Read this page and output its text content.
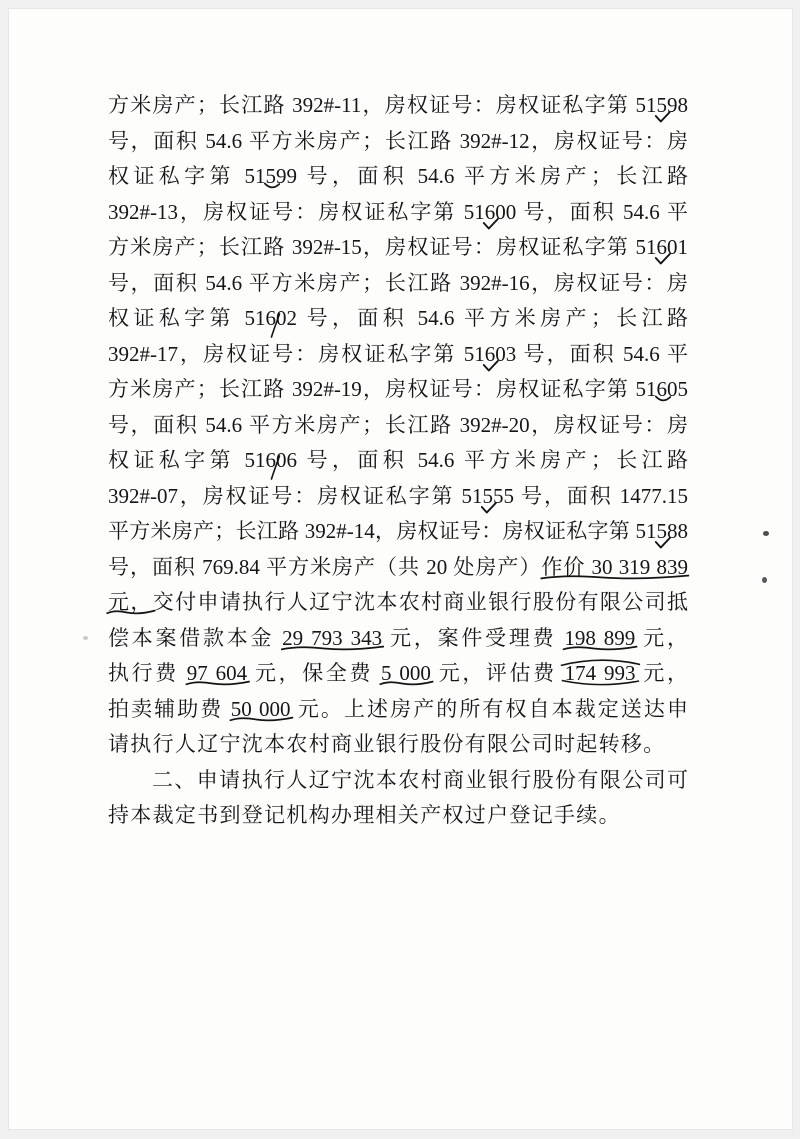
方米房产；长江路 392#-11，房权证号：房权证私字第 51598
号，面积 54.6 平方米房产；长江路 392#-12，房权证号：房
权证私字第 51599
号，面积 54.6 平方米房产；长江路
392#-13，房权证号：房权证私字第 51600
号，面积 54.6 平
方米房产；长江路 392#-15，房权证号：房权证私字第 51601
号，面积 54.6 平方米房产；长江路 392#-16，房权证号：房
权证私字第 51602
号，面积 54.6 平方米房产；长江路
392#-17，房权证号：房权证私字第 51603
号，面积 54.6 平
方米房产；长江路 392#-19，房权证号：房权证私字第 51605
号，面积 54.6 平方米房产；长江路 392#-20，房权证号：房
权证私字第 51606
号，面积 54.6 平方米房产；长江路
392#-07，房权证号：房权证私字第 51555
号，面积 1477.15
平方米房产；长江路 392#-14，房权证号：房权证私字第 51588
号，面积 769.84 平方米房产（共 20 处房产）作价 30 319 839
元，
交付申请执行人辽宁沈本农村商业银行股份有限公司抵
偿本案借款本金 29 793 343
元，案件受理费 198 899
元，
执行费 97 604
元，保全费 5 000
元，评估费 174 993
元，
拍卖辅助费 50 000
元。上述房产的所有权自本裁定送达申
请执行人辽宁沈本农村商业银行股份有限公司时起转移。
二、申请执行人辽宁沈本农村商业银行股份有限公司可
持本裁定书到登记机构办理相关产权过户登记手续。
